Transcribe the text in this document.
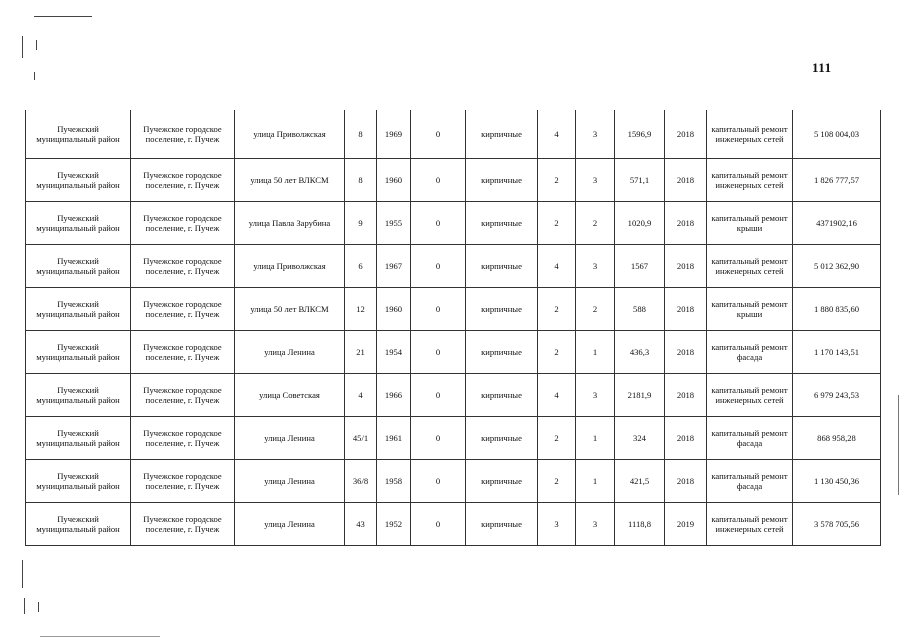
111
Пучежский муниципальный район	Пучежское городское поселение, г. Пучеж	улица Приволжская	8	1969	0	кирпичные	4	3	1596,9	2018	капитальный ремонт инженерных сетей	5 108 004,03
Пучежский муниципальный район	Пучежское городское поселение, г. Пучеж	улица 50 лет ВЛКСМ	8	1960	0	кирпичные	2	3	571,1	2018	капитальный ремонт инженерных сетей	1 826 777,57
Пучежский муниципальный район	Пучежское городское поселение, г. Пучеж	улица Павла Зарубина	9	1955	0	кирпичные	2	2	1020,9	2018	капитальный ремонт крыши	4371902,16
Пучежский муниципальный район	Пучежское городское поселение, г. Пучеж	улица Приволжская	6	1967	0	кирпичные	4	3	1567	2018	капитальный ремонт инженерных сетей	5 012 362,90
Пучежский муниципальный район	Пучежское городское поселение, г. Пучеж	улица 50 лет ВЛКСМ	12	1960	0	кирпичные	2	2	588	2018	капитальный ремонт крыши	1 880 835,60
Пучежский муниципальный район	Пучежское городское поселение, г. Пучеж	улица Ленина	21	1954	0	кирпичные	2	1	436,3	2018	капитальный ремонт фасада	1 170 143,51
Пучежский муниципальный район	Пучежское городское поселение, г. Пучеж	улица Советская	4	1966	0	кирпичные	4	3	2181,9	2018	капитальный ремонт инженерных сетей	6 979 243,53
Пучежский муниципальный район	Пучежское городское поселение, г. Пучеж	улица Ленина	45/1	1961	0	кирпичные	2	1	324	2018	капитальный ремонт фасада	868 958,28
Пучежский муниципальный район	Пучежское городское поселение, г. Пучеж	улица Ленина	36/8	1958	0	кирпичные	2	1	421,5	2018	капитальный ремонт фасада	1 130 450,36
Пучежский муниципальный район	Пучежское городское поселение, г. Пучеж	улица Ленина	43	1952	0	кирпичные	3	3	1118,8	2019	капитальный ремонт инженерных сетей	3 578 705,56
